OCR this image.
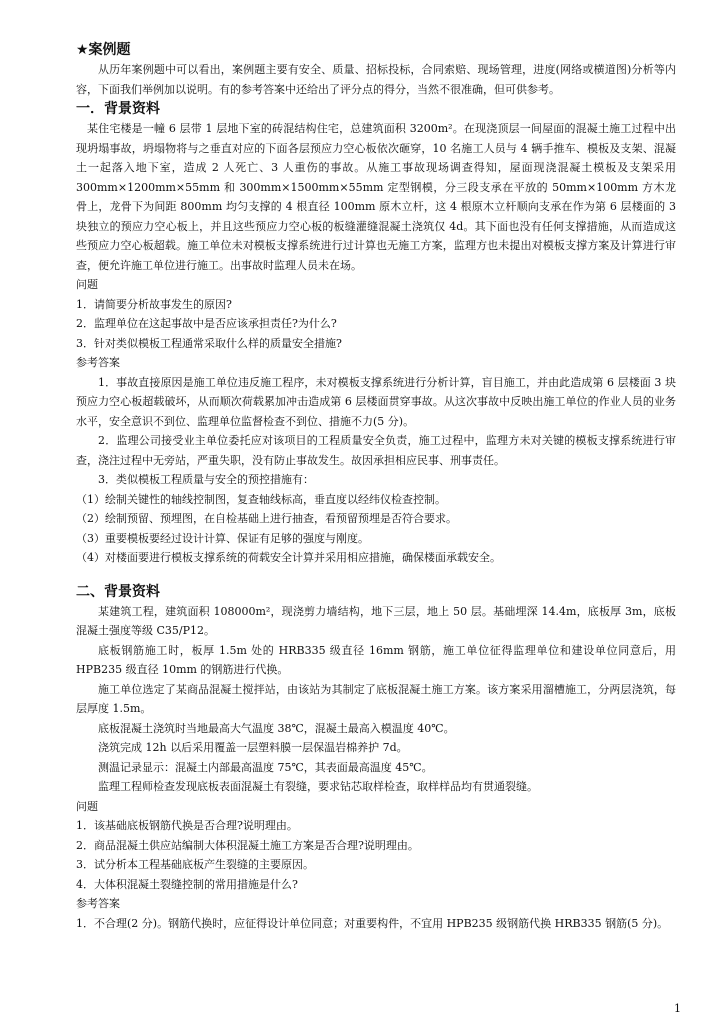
★案例题

从历年案例题中可以看出，案例题主要有安全、质量、招标投标，合同索赔、现场管理，进度(网络或横道图)分析等内容，下面我们举例加以说明。有的参考答案中还给出了评分点的得分，当然不很准确，但可供参考。

一．背景资料

某住宅楼是一幢 6 层带 1 层地下室的砖混结构住宅，总建筑面积 3200m²。在现浇顶层一间屋面的混凝土施工过程中出现坍塌事故，坍塌物将与之垂直对应的下面各层预应力空心板依次砸穿，10 名施工人员与 4 辆手推车、模板及支架、混凝土一起落入地下室，造成 2 人死亡、3 人重伤的事故。从施工事故现场调查得知，屋面现浇混凝土模板及支架采用 300mm×1200mm×55mm 和 300mm×1500mm×55mm 定型钢模，分三段支承在平放的 50mm×100mm 方木龙骨上，龙骨下为间距 800mm 均匀支撑的 4 根直径 100mm 原木立杆，这 4 根原木立杆顺向支承在作为第 6 层楼面的 3 块独立的预应力空心板上，并且这些预应力空心板的板缝灌缝混凝土浇筑仅 4d。其下面也没有任何支撑措施，从而造成这些预应力空心板超载。施工单位未对模板支撑系统进行过计算也无施工方案，监理方也未提出对模板支撑方案及计算进行审查，便允许施工单位进行施工。出事故时监理人员未在场。

问题

1．请简要分析故事发生的原因?

2．监理单位在这起事故中是否应该承担责任?为什么?

3．针对类似模板工程通常采取什么样的质量安全措施?

参考答案

1．事故直接原因是施工单位违反施工程序，未对模板支撑系统进行分析计算，盲目施工，并由此造成第 6 层楼面 3 块预应力空心板超载破坏，从而顺次荷载累加冲击造成第 6 层楼面贯穿事故。从这次事故中反映出施工单位的作业人员的业务水平，安全意识不到位、监理单位监督检查不到位、措施不力(5 分)。

2．监理公司接受业主单位委托应对该项目的工程质量安全负责，施工过程中，监理方未对关键的模板支撑系统进行审查，浇注过程中无旁站，严重失职，没有防止事故发生。故因承担相应民事、刑事责任。

3．类似模板工程质量与安全的预控措施有：

（1）绘制关键性的轴线控制图，复查轴线标高，垂直度以经纬仪检查控制。

（2）绘制预留、预埋图，在自检基础上进行抽查，看预留预埋是否符合要求。

（3）重要模板要经过设计计算、保证有足够的强度与刚度。

（4）对楼面要进行模板支撑系统的荷载安全计算并采用相应措施，确保楼面承载安全。

二、背景资料

某建筑工程，建筑面积 108000m²，现浇剪力墙结构，地下三层，地上 50 层。基础埋深 14.4m，底板厚 3m，底板混凝土强度等级 C35/P12。

底板钢筋施工时，板厚 1.5m 处的 HRB335 级直径 16mm 钢筋，施工单位征得监理单位和建设单位同意后，用 HPB235 级直径 10mm 的钢筋进行代换。

施工单位选定了某商品混凝土搅拌站，由该站为其制定了底板混凝土施工方案。该方案采用溜槽施工，分两层浇筑，每层厚度 1.5m。

底板混凝土浇筑时当地最高大气温度 38℃，混凝土最高入模温度 40℃。

浇筑完成 12h 以后采用覆盖一层塑料膜一层保温岩棉养护 7d。

测温记录显示：混凝土内部最高温度 75℃，其表面最高温度 45℃。

监理工程师检查发现底板表面混凝土有裂缝，要求钻芯取样检查，取样样品均有贯通裂缝。

问题

1．该基础底板钢筋代换是否合理?说明理由。

2．商品混凝土供应站编制大体积混凝土施工方案是否合理?说明理由。

3．试分析本工程基础底板产生裂缝的主要原因。

4．大体积混凝土裂缝控制的常用措施是什么?

参考答案

1．不合理(2 分)。钢筋代换时，应征得设计单位同意；对重要构件，不宜用 HPB235 级钢筋代换 HRB335 钢筋(5 分)。

1
